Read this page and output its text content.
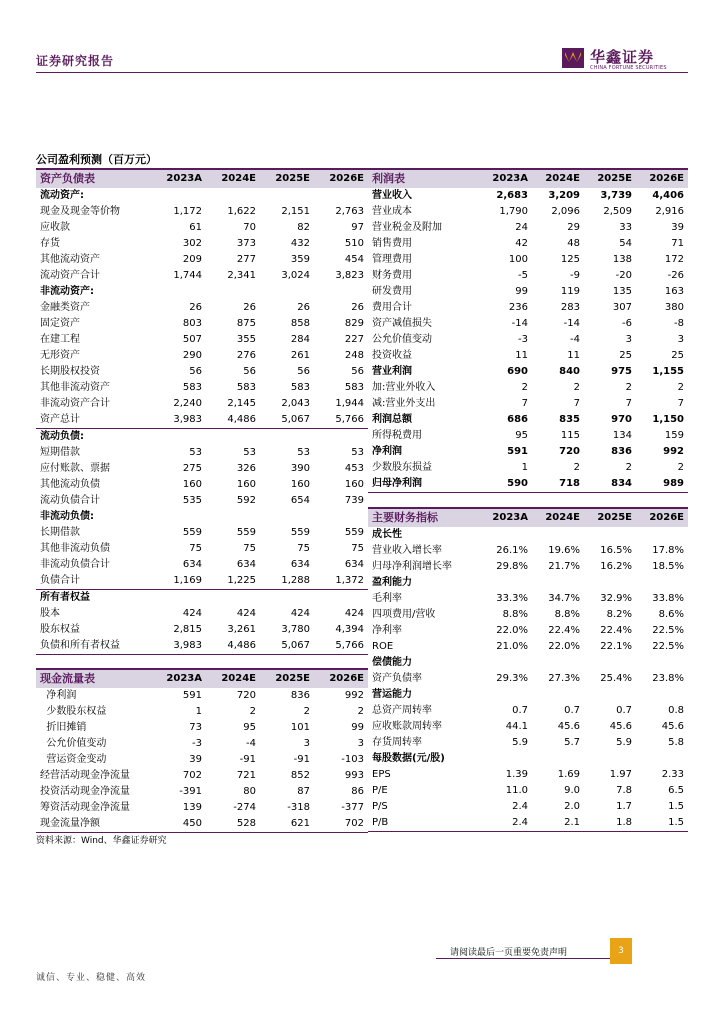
证券研究报告	华鑫证券
CHINA FORTUNE SECURITIES
公司盈利预测（百万元）
资产负债表	2023A	2024E	2025E	2026E
流动资产:				
现金及现金等价物	1,172	1,622	2,151	2,763
应收款	61	70	82	97
存货	302	373	432	510
其他流动资产	209	277	359	454
流动资产合计	1,744	2,341	3,024	3,823
非流动资产:				
金融类资产	26	26	26	26
固定资产	803	875	858	829
在建工程	507	355	284	227
无形资产	290	276	261	248
长期股权投资	56	56	56	56
其他非流动资产	583	583	583	583
非流动资产合计	2,240	2,145	2,043	1,944
资产总计	3,983	4,486	5,067	5,766
流动负债:				
短期借款	53	53	53	53
应付账款、票据	275	326	390	453
其他流动负债	160	160	160	160
流动负债合计	535	592	654	739
非流动负债:				
长期借款	559	559	559	559
其他非流动负债	75	75	75	75
非流动负债合计	634	634	634	634
负债合计	1,169	1,225	1,288	1,372
所有者权益				
股本	424	424	424	424
股东权益	2,815	3,261	3,780	4,394
负债和所有者权益	3,983	4,486	5,067	5,766
现金流量表	2023A	2024E	2025E	2026E
净利润	591	720	836	992
少数股东权益	1	2	2	2
折旧摊销	73	95	101	99
公允价值变动	-3	-4	3	3
营运资金变动	39	-91	-91	-103
经营活动现金净流量	702	721	852	993
投资活动现金净流量	-391	80	87	86
筹资活动现金净流量	139	-274	-318	-377
现金流量净额	450	528	621	702
利润表	2023A	2024E	2025E	2026E
营业收入	2,683	3,209	3,739	4,406
营业成本	1,790	2,096	2,509	2,916
营业税金及附加	24	29	33	39
销售费用	42	48	54	71
管理费用	100	125	138	172
财务费用	-5	-9	-20	-26
研发费用	99	119	135	163
费用合计	236	283	307	380
资产减值损失	-14	-14	-6	-8
公允价值变动	-3	-4	3	3
投资收益	11	11	25	25
营业利润	690	840	975	1,155
加:营业外收入	2	2	2	2
减:营业外支出	7	7	7	7
利润总额	686	835	970	1,150
所得税费用	95	115	134	159
净利润	591	720	836	992
少数股东损益	1	2	2	2
归母净利润	590	718	834	989
主要财务指标	2023A	2024E	2025E	2026E
成长性				
营业收入增长率	26.1%	19.6%	16.5%	17.8%
归母净利润增长率	29.8%	21.7%	16.2%	18.5%
盈利能力				
毛利率	33.3%	34.7%	32.9%	33.8%
四项费用/营收	8.8%	8.8%	8.2%	8.6%
净利率	22.0%	22.4%	22.4%	22.5%
ROE	21.0%	22.0%	22.1%	22.5%
偿债能力				
资产负债率	29.3%	27.3%	25.4%	23.8%
营运能力				
总资产周转率	0.7	0.7	0.7	0.8
应收账款周转率	44.1	45.6	45.6	45.6
存货周转率	5.9	5.7	5.9	5.8
每股数据(元/股)				
EPS	1.39	1.69	1.97	2.33
P/E	11.0	9.0	7.8	6.5
P/S	2.4	2.0	1.7	1.5
P/B	2.4	2.1	1.8	1.5
资料来源：Wind、华鑫证券研究
请阅读最后一页重要免责声明	3
诚信、专业、稳健、高效
